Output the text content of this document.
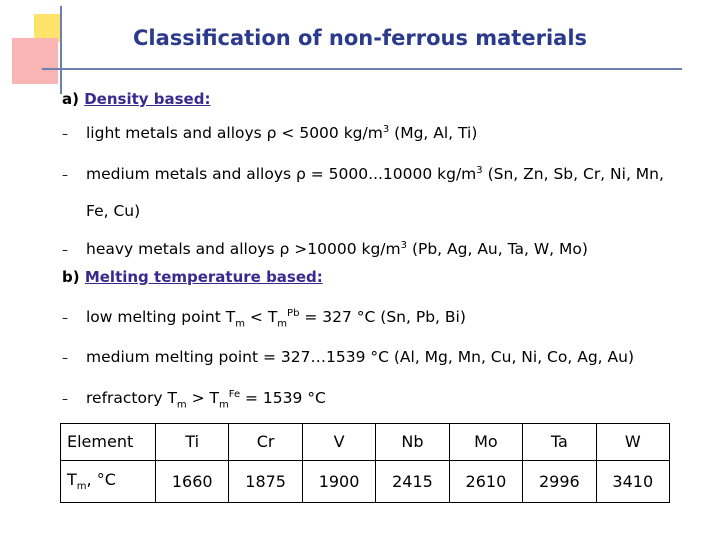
Classification of non-ferrous materials
a) Density based:
– light metals and alloys ρ < 5000 $kg/m^3$ (Mg, Al, Ti)
– medium metals and alloys ρ = 5000...10000 $kg/m^3$ (Sn, Zn, Sb, Cr, Ni, Mn,
Fe, Cu)
– heavy metals and alloys ρ >10000 $kg/m^3$ (Pb, Ag, Au, Ta, W, Mo)
b) Melting temperature based:
– low melting point $T_m < T_m^{Pb} = 327$ °C (Sn, Pb, Bi)
– medium melting point = 327…1539 °C (Al, Mg, Mn, Cu, Ni, Co, Ag, Au)
– refractory $T_m > T_m^{Fe} = 1539$ °C
Element	Ti	Cr	V	Nb	Mo	Ta	W
$T_m$, °C	1660	1875	1900	2415	2610	2996	3410
